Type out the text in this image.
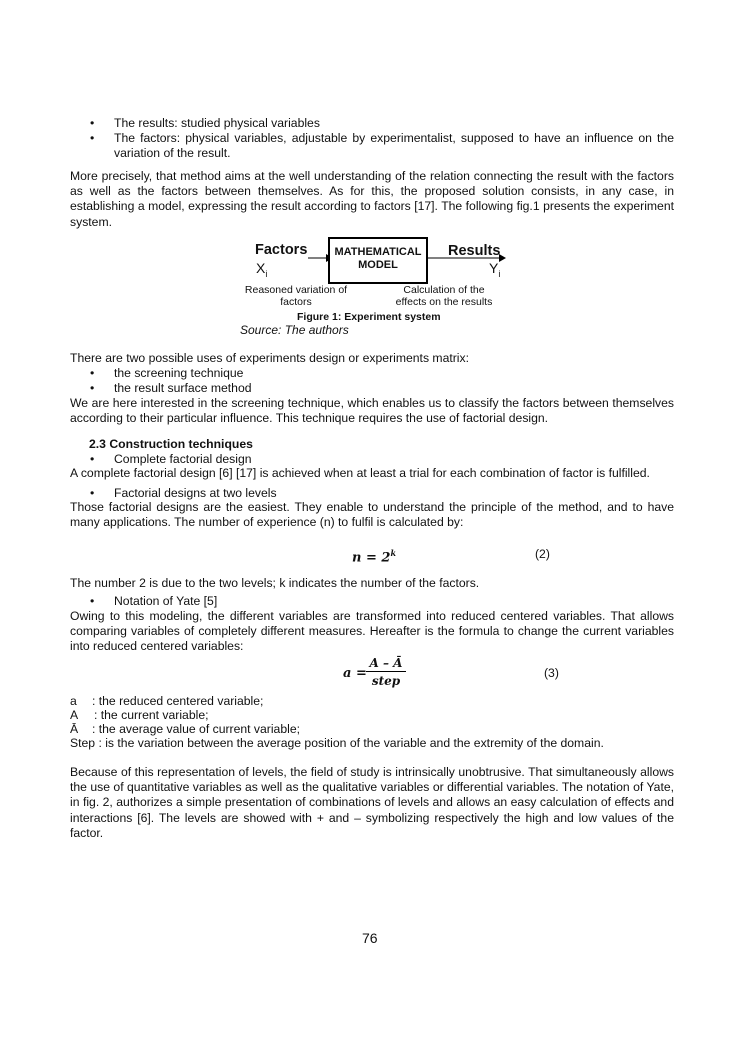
•	The results: studied physical variables
•	The factors: physical variables, adjustable by experimentalist, supposed to have an influence on the variation of the result.
More precisely, that method aims at the well understanding of the relation connecting the result with the factors as well as the factors between themselves. As for this, the proposed solution consists, in any case, in establishing a model, expressing the result according to factors [17]. The following fig.1 presents the experiment system.
Factors
$X_i$
MATHEMATICAL
MODEL
Results
$Y_i$
Reasoned variation of
factors
Calculation of the
effects on the results
Figure 1: Experiment system
Source: The authors
There are two possible uses of experiments design or experiments matrix:
•	the screening technique
•	the result surface method
We are here interested in the screening technique, which enables us to classify the factors between themselves according to their particular influence. This technique requires the use of factorial design.
2.3 Construction techniques
•	Complete factorial design
A complete factorial design [6] [17] is achieved when at least a trial for each combination of factor is fulfilled.
•	Factorial designs at two levels
Those factorial designs are the easiest. They enable to understand the principle of the method, and to have many applications. The number of experience (n) to fulfil is calculated by:
$n = 2^k$	(2)
The number 2 is due to the two levels; k indicates the number of the factors.
•	Notation of Yate [5]
Owing to this modeling, the different variables are transformed into reduced centered variables. That allows comparing variables of completely different measures. Hereafter is the formula to change the current variables into reduced centered variables:
a =
A – Ā
step
(3)
a : the reduced centered variable;
A : the current variable;
Ā : the average value of current variable;
Step : is the variation between the average position of the variable and the extremity of the domain.
Because of this representation of levels, the field of study is intrinsically unobtrusive. That simultaneously allows the use of quantitative variables as well as the qualitative variables or differential variables. The notation of Yate, in fig. 2, authorizes a simple presentation of combinations of levels and allows an easy calculation of effects and interactions [6]. The levels are showed with + and – symbolizing respectively the high and low values of the factor.
76
